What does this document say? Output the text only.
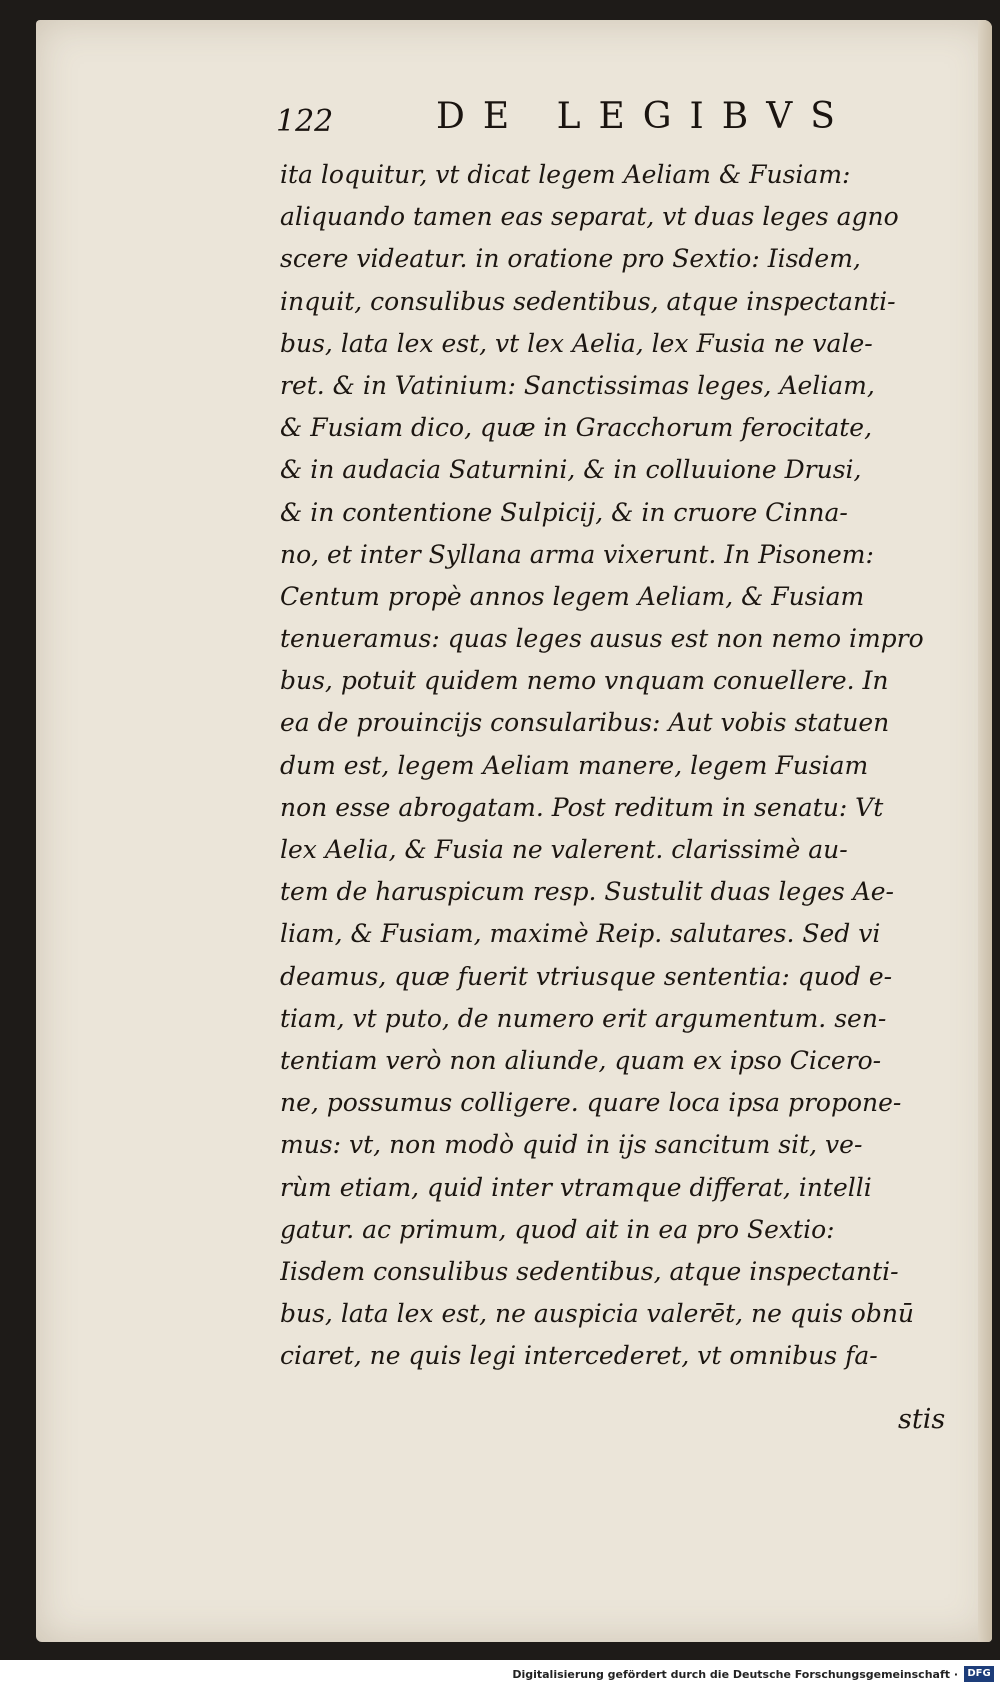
122	DE LEGIBVS
ita loquitur, vt dicat legem Aeliam & Fusiam:
aliquando tamen eas separat, vt duas leges agno
scere videatur. in oratione pro Sextio: Iisdem,
inquit, consulibus sedentibus, atque inspectanti-
bus, lata lex est, vt lex Aelia, lex Fusia ne vale-
ret. & in Vatinium: Sanctissimas leges, Aeliam,
& Fusiam dico, quæ in Gracchorum ferocitate,
& in audacia Saturnini, & in colluuione Drusi,
& in contentione Sulpicij, & in cruore Cinna-
no, et inter Syllana arma vixerunt. In Pisonem:
Centum propè annos legem Aeliam, & Fusiam
tenueramus: quas leges ausus est non nemo impro
bus, potuit quidem nemo vnquam conuellere. In
ea de prouincijs consularibus: Aut vobis statuen
dum est, legem Aeliam manere, legem Fusiam
non esse abrogatam. Post reditum in senatu: Vt
lex Aelia, & Fusia ne valerent. clarissimè au-
tem de haruspicum resp. Sustulit duas leges Ae-
liam, & Fusiam, maximè Reip. salutares. Sed vi
deamus, quæ fuerit vtriusque sententia: quod e-
tiam, vt puto, de numero erit argumentum. sen-
tentiam verò non aliunde, quam ex ipso Cicero-
ne, possumus colligere. quare loca ipsa propone-
mus: vt, non modò quid in ijs sancitum sit, ve-
rùm etiam, quid inter vtramque differat, intelli
gatur. ac primum, quod ait in ea pro Sextio:
Iisdem consulibus sedentibus, atque inspectanti-
bus, lata lex est, ne auspicia valerēt, ne quis obnū
ciaret, ne quis legi intercederet, vt omnibus fa-
stis
Digitalisierung gefördert durch die Deutsche Forschungsgemeinschaft · DFG
